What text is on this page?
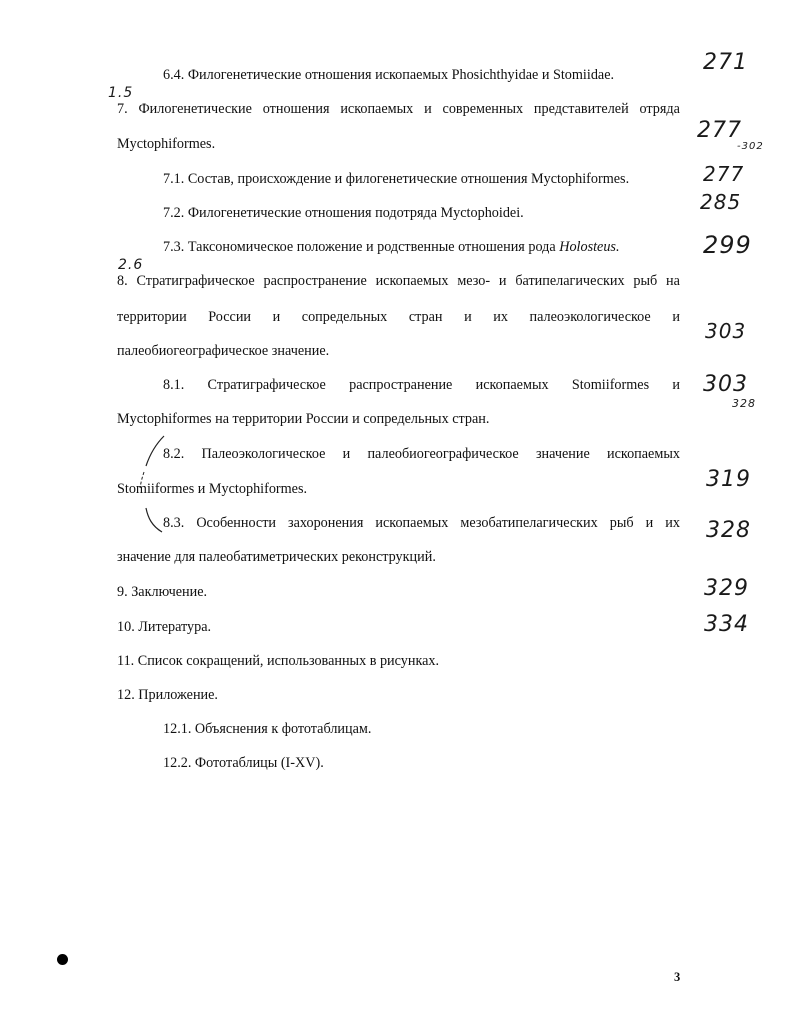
6.4. Филогенетические отношения ископаемых Phosichthyidae и Stomiidae.
7. Филогенетические отношения ископаемых и современных представителей отряда
Myctophiformes.
7.1. Состав, происхождение и филогенетические отношения Myctophiformes.
7.2. Филогенетические отношения подотряда Myctophoidei.
7.3. Таксономическое положение и родственные отношения рода Holosteus.
8. Стратиграфическое распространение ископаемых мезо- и батипелагических рыб на
территории России и сопредельных стран и их палеоэкологическое и
палеобиогеографическое значение.
8.1. Стратиграфическое распространение ископаемых Stomiiformes и
Myctophiformes на территории России и сопредельных стран.
8.2. Палеоэкологическое и палеобиогеографическое значение ископаемых
Stomiiformes и Myctophiformes.
8.3. Особенности захоронения ископаемых мезобатипелагических рыб и их
значение для палеобатиметрических реконструкций.
9. Заключение.
10. Литература.
11. Список сокращений, использованных в рисунках.
12. Приложение.
12.1. Объяснения к фототаблицам.
12.2. Фототаблицы (I-XV).
271
1.5
277
-302
277
285
299
2.6
303
303
328
319
328
329
334
3
